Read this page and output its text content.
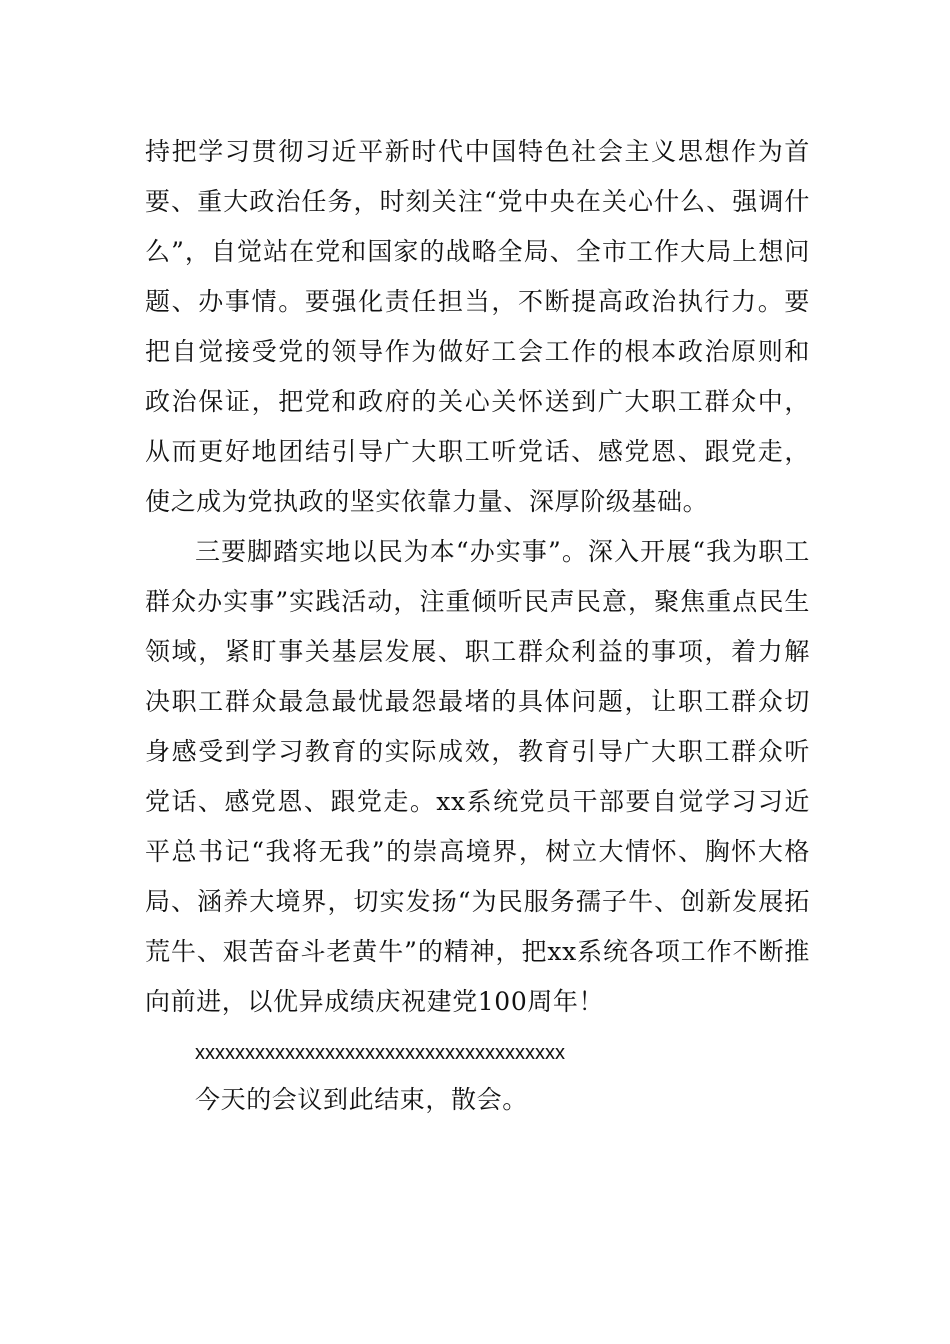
持把学习贯彻习近平新时代中国特色社会主义思想作为首要、重大政治任务，时刻关注“党中央在关心什么、强调什么”，自觉站在党和国家的战略全局、全市工作大局上想问题、办事情。要强化责任担当，不断提高政治执行力。要把自觉接受党的领导作为做好工会工作的根本政治原则和政治保证，把党和政府的关心关怀送到广大职工群众中，从而更好地团结引导广大职工听党话、感党恩、跟党走，使之成为党执政的坚实依靠力量、深厚阶级基础。

三要脚踏实地以民为本“办实事”。深入开展“我为职工群众办实事”实践活动，注重倾听民声民意，聚焦重点民生领域，紧盯事关基层发展、职工群众利益的事项，着力解决职工群众最急最忧最怨最堵的具体问题，让职工群众切身感受到学习教育的实际成效，教育引导广大职工群众听党话、感党恩、跟党走。xx系统党员干部要自觉学习习近平总书记“我将无我”的崇高境界，树立大情怀、胸怀大格局、涵养大境界，切实发扬“为民服务孺子牛、创新发展拓荒牛、艰苦奋斗老黄牛”的精神，把xx系统各项工作不断推向前进，以优异成绩庆祝建党100周年！

xxxxxxxxxxxxxxxxxxxxxxxxxxxxxxxxxxxxx

今天的会议到此结束，散会。
